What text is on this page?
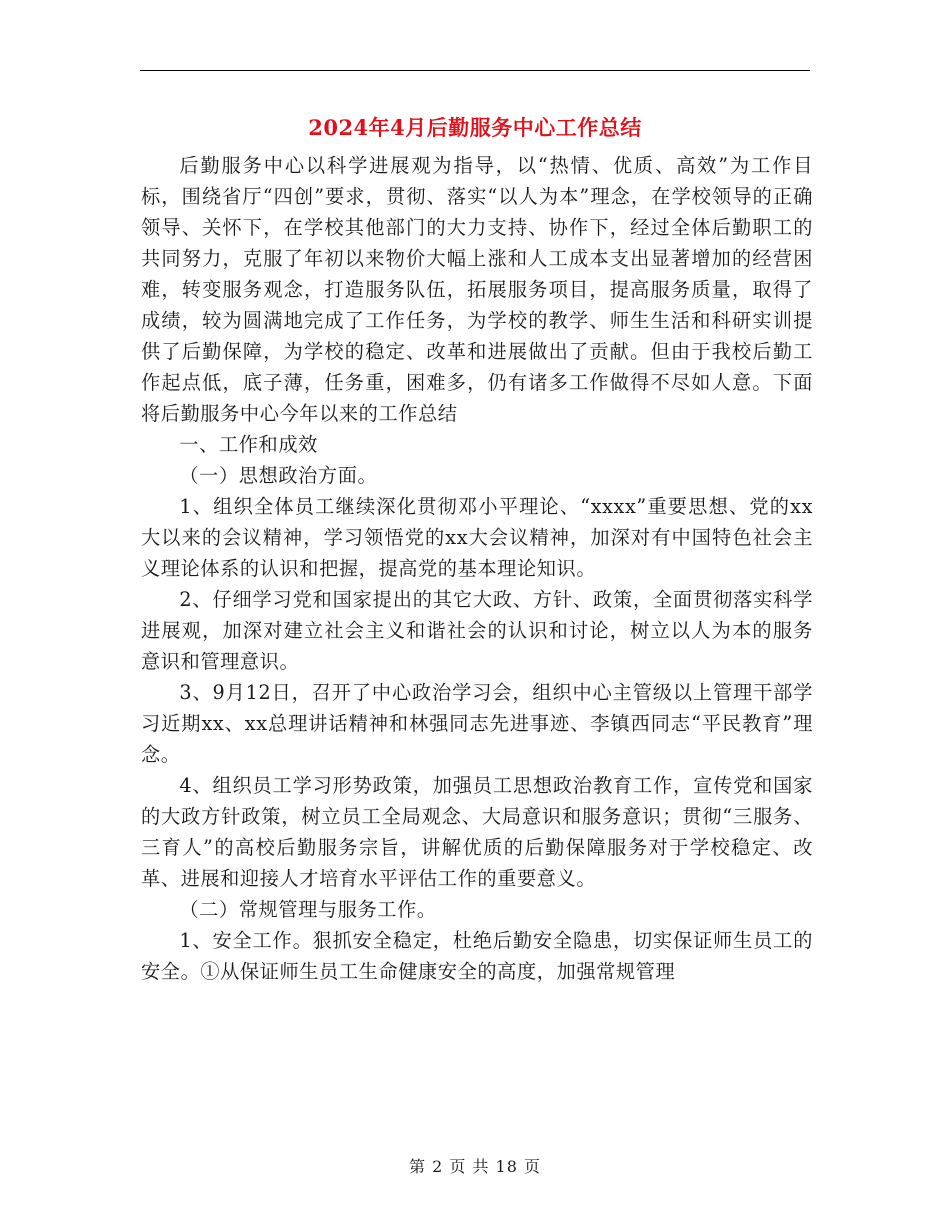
2024年4月后勤服务中心工作总结

后勤服务中心以科学进展观为指导，以“热情、优质、高效”为工作目标，围绕省厅“四创”要求，贯彻、落实“以人为本”理念，在学校领导的正确领导、关怀下，在学校其他部门的大力支持、协作下，经过全体后勤职工的共同努力，克服了年初以来物价大幅上涨和人工成本支出显著增加的经营困难，转变服务观念，打造服务队伍，拓展服务项目，提高服务质量，取得了成绩，较为圆满地完成了工作任务，为学校的教学、师生生活和科研实训提供了后勤保障，为学校的稳定、改革和进展做出了贡献。但由于我校后勤工作起点低，底子薄，任务重，困难多，仍有诸多工作做得不尽如人意。下面将后勤服务中心今年以来的工作总结

一、工作和成效

（一）思想政治方面。

1、组织全体员工继续深化贯彻邓小平理论、“xxxx”重要思想、党的xx大以来的会议精神，学习领悟党的xx大会议精神，加深对有中国特色社会主义理论体系的认识和把握，提高党的基本理论知识。

2、仔细学习党和国家提出的其它大政、方针、政策，全面贯彻落实科学进展观，加深对建立社会主义和谐社会的认识和讨论，树立以人为本的服务意识和管理意识。

3、9月12日，召开了中心政治学习会，组织中心主管级以上管理干部学习近期xx、xx总理讲话精神和林强同志先进事迹、李镇西同志“平民教育”理念。

4、组织员工学习形势政策，加强员工思想政治教育工作，宣传党和国家的大政方针政策，树立员工全局观念、大局意识和服务意识；贯彻“三服务、三育人”的高校后勤服务宗旨，讲解优质的后勤保障服务对于学校稳定、改革、进展和迎接人才培育水平评估工作的重要意义。

（二）常规管理与服务工作。

1、安全工作。狠抓安全稳定，杜绝后勤安全隐患，切实保证师生员工的安全。①从保证师生员工生命健康安全的高度，加强常规管理

第 2 页 共 18 页
